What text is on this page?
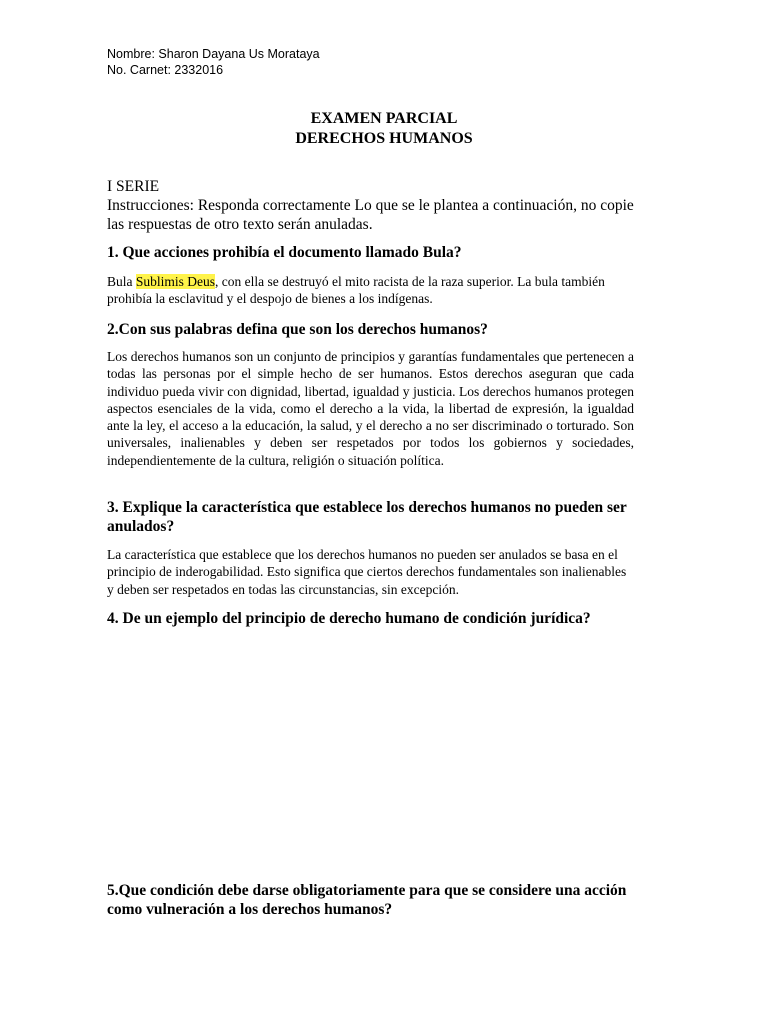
Nombre: Sharon Dayana Us Morataya
No. Carnet: 2332016
EXAMEN PARCIAL
DERECHOS HUMANOS
I SERIE
Instrucciones: Responda correctamente Lo que se le plantea a continuación, no copie las respuestas de otro texto serán anuladas.
1. Que acciones prohibía el documento llamado Bula?
Bula Sublimis Deus, con ella se destruyó el mito racista de la raza superior. La bula también prohibía la esclavitud y el despojo de bienes a los indígenas.
2.Con sus palabras defina que son los derechos humanos?
Los derechos humanos son un conjunto de principios y garantías fundamentales que pertenecen a todas las personas por el simple hecho de ser humanos. Estos derechos aseguran que cada individuo pueda vivir con dignidad, libertad, igualdad y justicia. Los derechos humanos protegen aspectos esenciales de la vida, como el derecho a la vida, la libertad de expresión, la igualdad ante la ley, el acceso a la educación, la salud, y el derecho a no ser discriminado o torturado. Son universales, inalienables y deben ser respetados por todos los gobiernos y sociedades, independientemente de la cultura, religión o situación política.
3. Explique la característica que establece los derechos humanos no pueden ser anulados?
La característica que establece que los derechos humanos no pueden ser anulados se basa en el principio de inderogabilidad. Esto significa que ciertos derechos fundamentales son inalienables y deben ser respetados en todas las circunstancias, sin excepción.
4. De un ejemplo del principio de derecho humano de condición jurídica?
5.Que condición debe darse obligatoriamente para que se considere una acción como vulneración a los derechos humanos?
